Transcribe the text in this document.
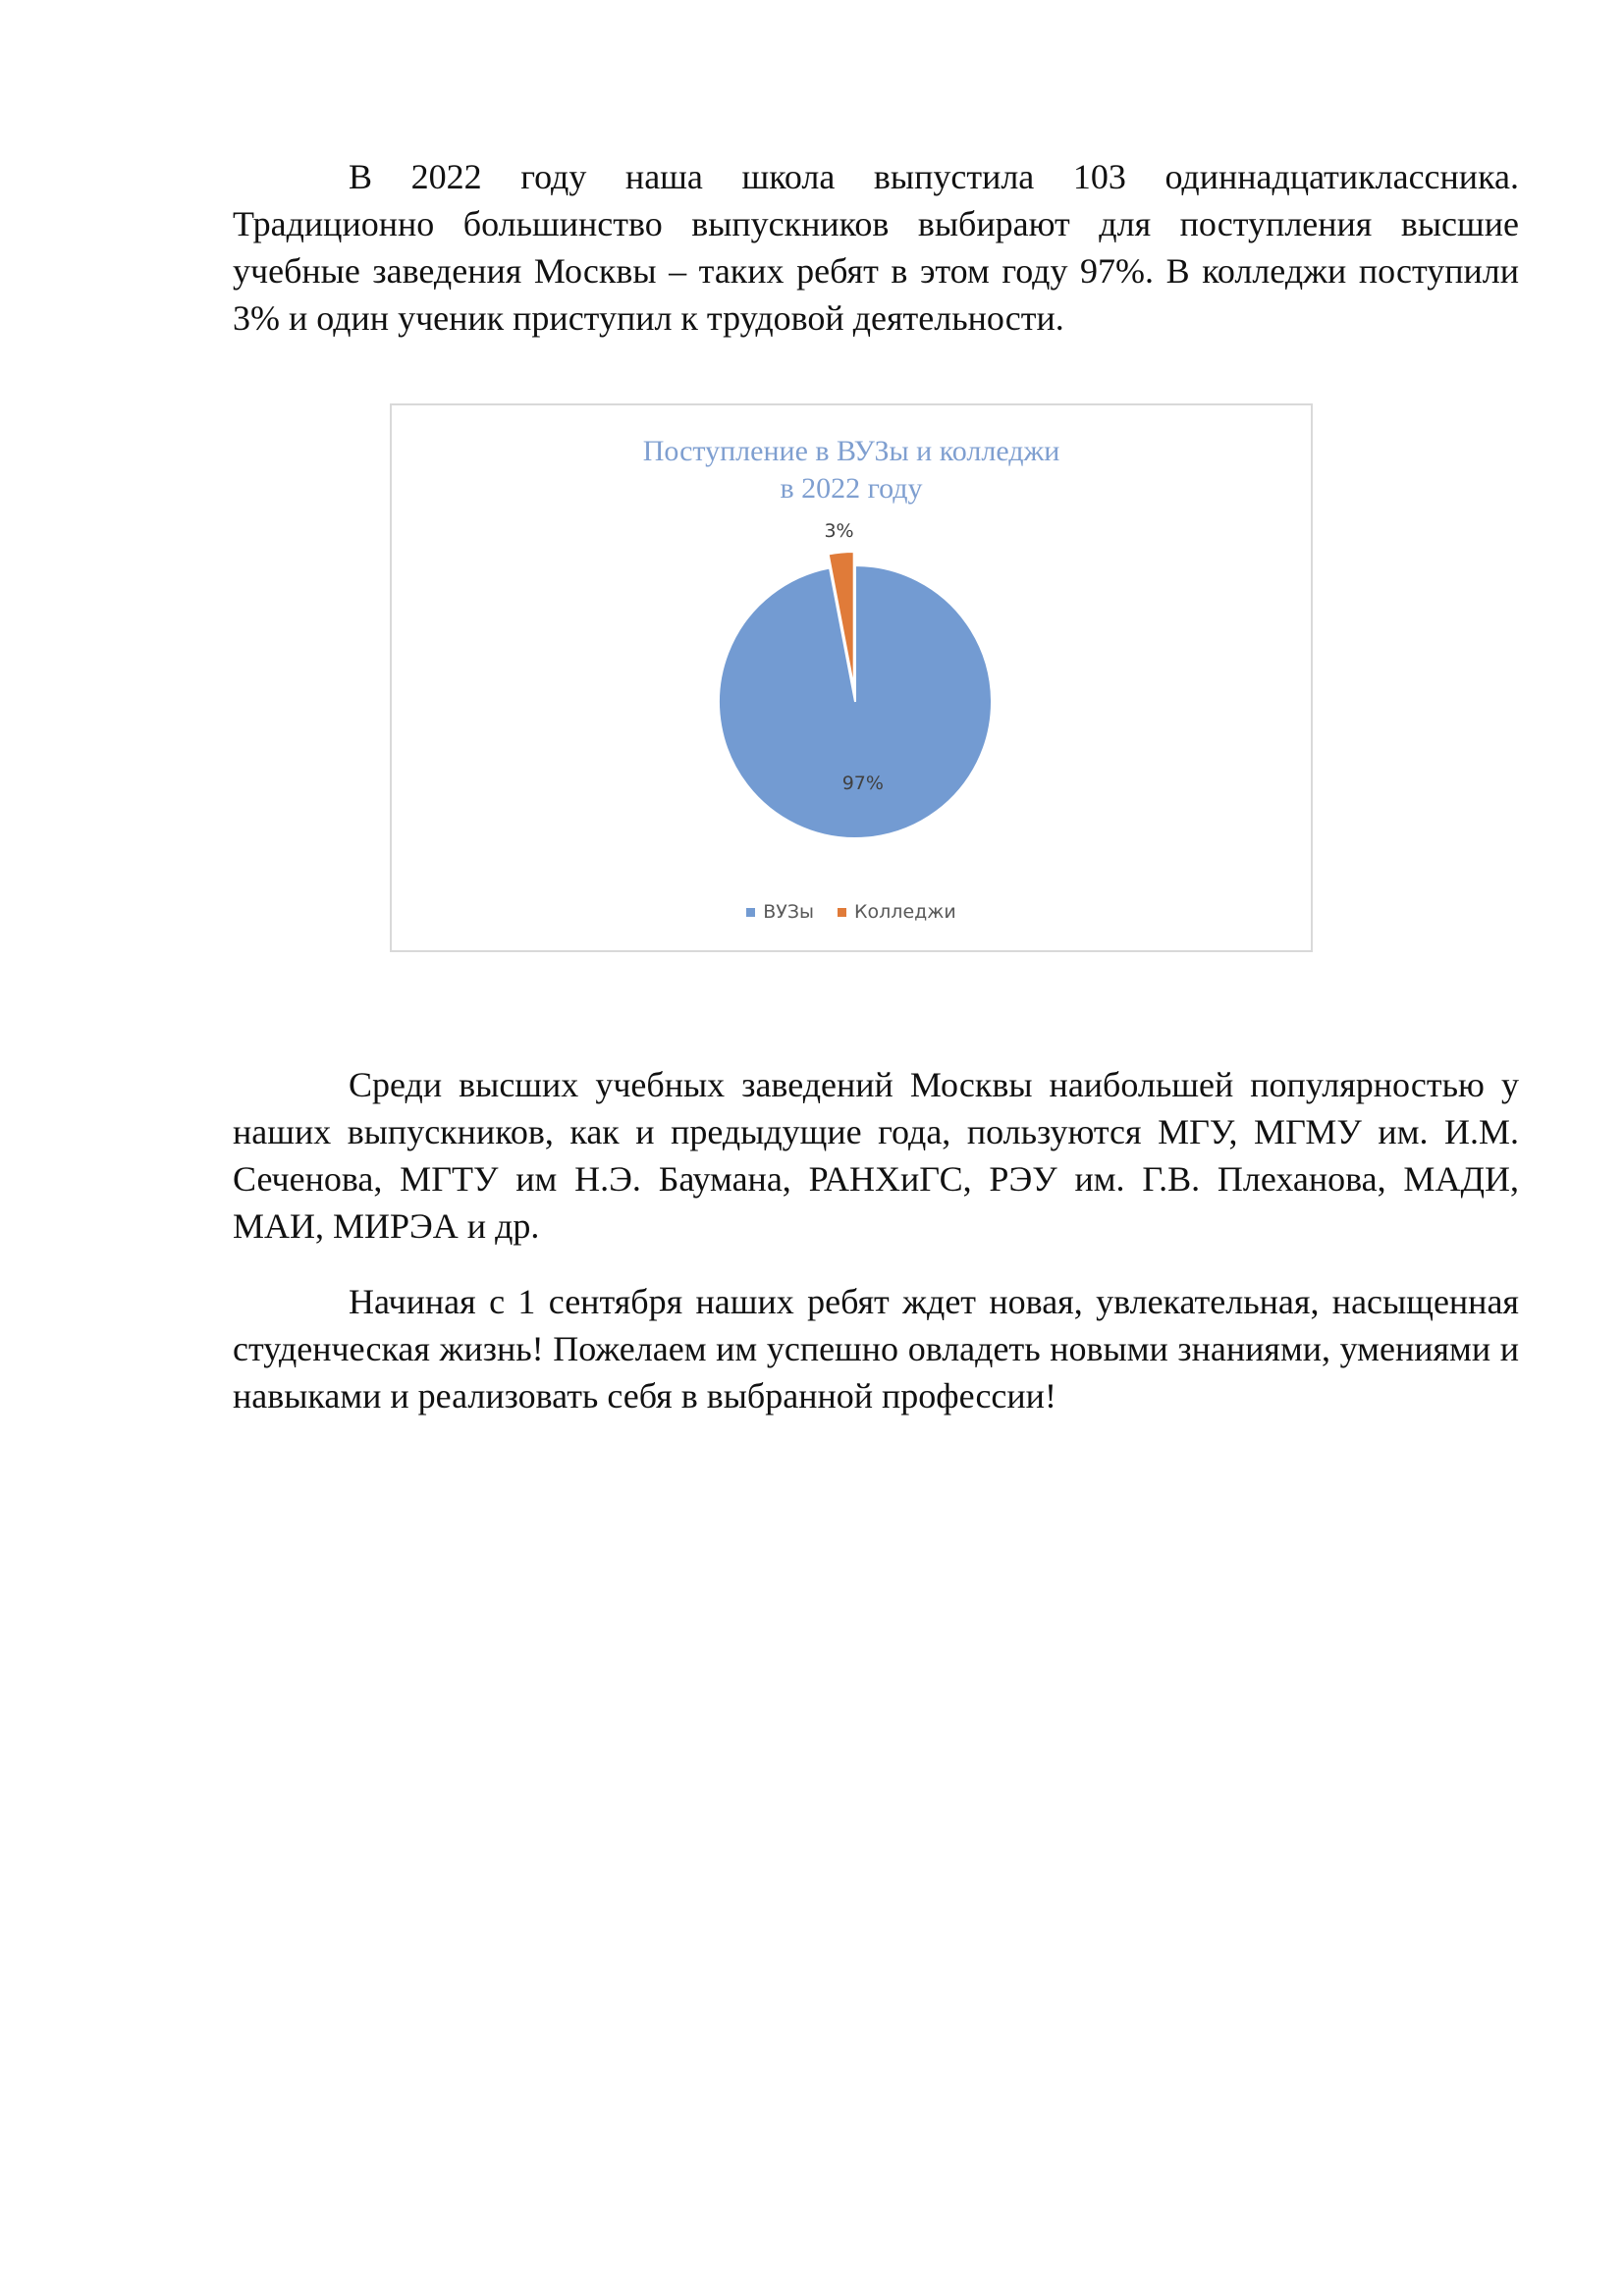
В 2022 году наша школа выпустила 103 одиннадцатиклассника. Традиционно большинство выпускников выбирают для поступления высшие учебные заведения Москвы – таких ребят в этом году 97%. В колледжи поступили 3% и один ученик приступил к трудовой деятельности.

Поступление в ВУЗы и колледжи
в 2022 году
97%
3%
ВУЗы Колледжи

Среди высших учебных заведений Москвы наибольшей популярностью у наших выпускников, как и предыдущие года, пользуются МГУ, МГМУ им. И.М. Сеченова, МГТУ им Н.Э. Баумана, РАНХиГС, РЭУ им. Г.В. Плеханова, МАДИ, МАИ, МИРЭА и др.

Начиная с 1 сентября наших ребят ждет новая, увлекательная, насыщенная студенческая жизнь! Пожелаем им успешно овладеть новыми знаниями, умениями и навыками и реализовать себя в выбранной профессии!
